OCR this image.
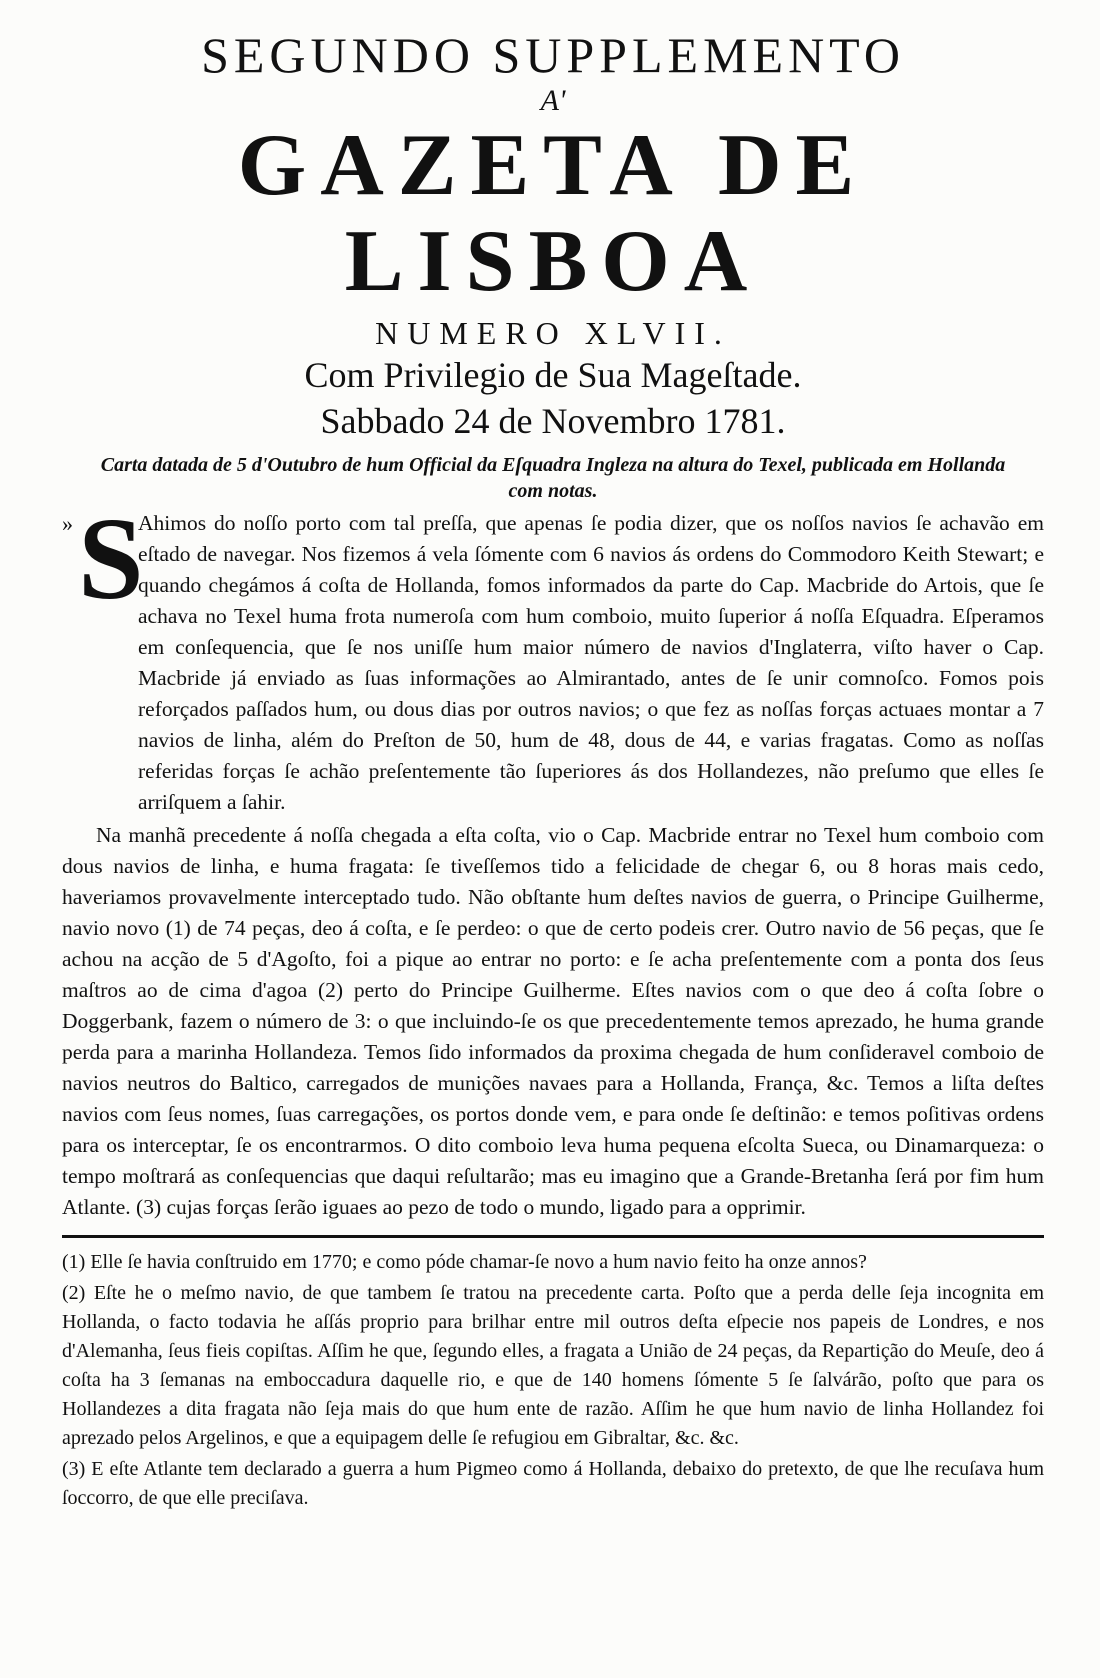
SEGUNDO SUPPLEMENTO
A'
GAZETA DE LISBOA
NUMERO XLVII.
Com Privilegio de Sua Mageſtade.
Sabbado 24 de Novembro 1781.
Carta datada de 5 d'Outubro de hum Official da Eſquadra Ingleza na altura do Texel, publicada em Hollanda com notas.
» S
Ahimos do noſſo porto com tal preſſa, que apenas ſe podia dizer, que os noſſos navios ſe achavão em eſtado de navegar. Nos fizemos á vela ſómente com 6 navios ás ordens do Commodoro Keith Stewart; e quando chegámos á coſta de Hollanda, fomos informados da parte do Cap. Macbride do Artois, que ſe achava no Texel huma frota numeroſa com hum comboio, muito ſuperior á noſſa Eſquadra. Eſperamos em conſequencia, que ſe nos uniſſe hum maior número de navios d'Inglaterra, viſto haver o Cap. Macbride já enviado as ſuas informações ao Almirantado, antes de ſe unir comnoſco. Fomos pois reforçados paſſados hum, ou dous dias por outros navios; o que fez as noſſas forças actuaes montar a 7 navios de linha, além do Preſton de 50, hum de 48, dous de 44, e varias fragatas. Como as noſſas referidas forças ſe achão preſentemente tão ſuperiores ás dos Hollandezes, não preſumo que elles ſe arriſquem a ſahir.
Na manhã precedente á noſſa chegada a eſta coſta, vio o Cap. Macbride entrar no Texel hum comboio com dous navios de linha, e huma fragata: ſe tiveſſemos tido a felicidade de chegar 6, ou 8 horas mais cedo, haveriamos provavelmente interceptado tudo. Não obſtante hum deſtes navios de guerra, o Principe Guilherme, navio novo (1) de 74 peças, deo á coſta, e ſe perdeo: o que de certo podeis crer. Outro navio de 56 peças, que ſe achou na acção de 5 d'Agoſto, foi a pique ao entrar no porto: e ſe acha preſentemente com a ponta dos ſeus maſtros ao de cima d'agoa (2) perto do Principe Guilherme. Eſtes navios com o que deo á coſta ſobre o Doggerbank, fazem o número de 3: o que incluindo-ſe os que precedentemente temos aprezado, he huma grande perda para a marinha Hollandeza. Temos ſido informados da proxima chegada de hum conſideravel comboio de navios neutros do Baltico, carregados de munições navaes para a Hollanda, França, &c. Temos a liſta deſtes navios com ſeus nomes, ſuas carregações, os portos donde vem, e para onde ſe deſtinão: e temos poſitivas ordens para os interceptar, ſe os encontrarmos. O dito comboio leva huma pequena eſcolta Sueca, ou Dinamarqueza: o tempo moſtrará as conſequencias que daqui reſultarão; mas eu imagino que a Grande-Bretanha ſerá por fim hum Atlante. (3) cujas forças ſerão iguaes ao pezo de todo o mundo, ligado para a opprimir.
(1) Elle ſe havia conſtruido em 1770; e como póde chamar-ſe novo a hum navio feito ha onze annos?
(2) Eſte he o meſmo navio, de que tambem ſe tratou na precedente carta. Poſto que a perda delle ſeja incognita em Hollanda, o facto todavia he aſſás proprio para brilhar entre mil outros deſta eſpecie nos papeis de Londres, e nos d'Alemanha, ſeus fieis copiſtas. Aſſim he que, ſegundo elles, a fragata a União de 24 peças, da Repartição do Meuſe, deo á coſta ha 3 ſemanas na emboccadura daquelle rio, e que de 140 homens ſómente 5 ſe ſalvárão, poſto que para os Hollandezes a dita fragata não ſeja mais do que hum ente de razão. Aſſim he que hum navio de linha Hollandez foi aprezado pelos Argelinos, e que a equipagem delle ſe refugiou em Gibraltar, &c. &c.
(3) E eſte Atlante tem declarado a guerra a hum Pigmeo como á Hollanda, debaixo do pretexto, de que lhe recuſava hum ſoccorro, de que elle preciſava.
